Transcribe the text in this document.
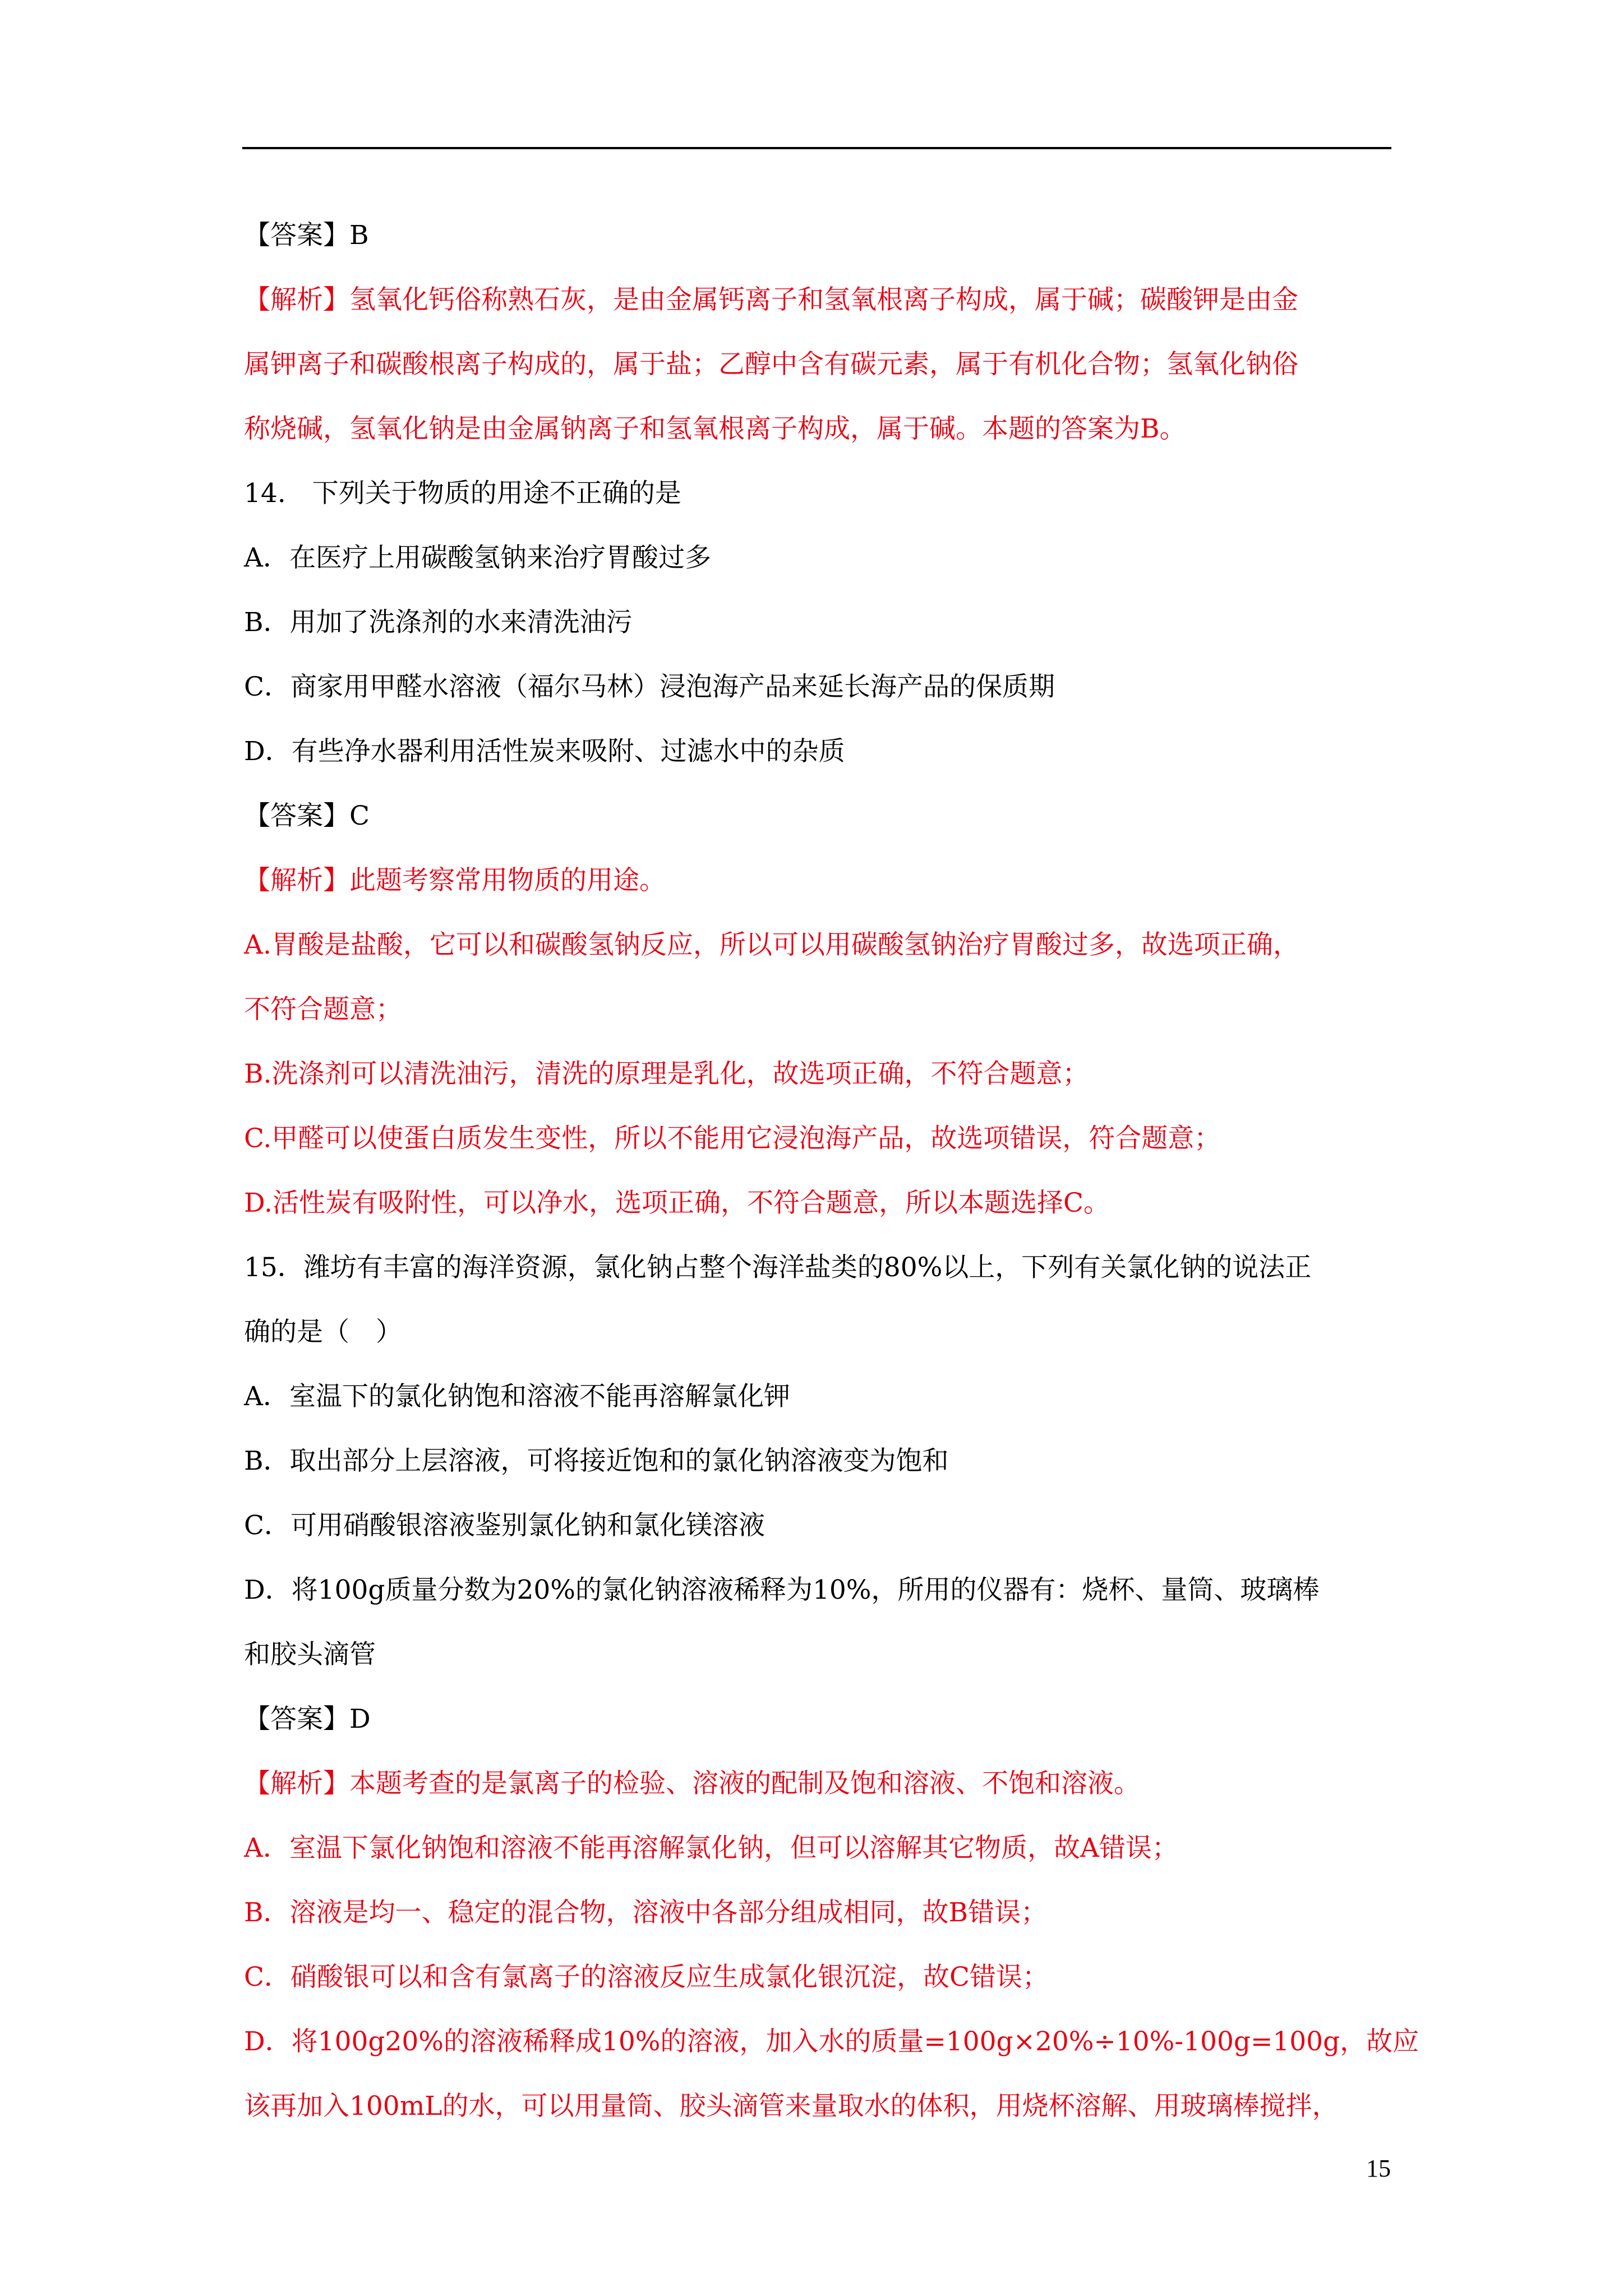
【答案】B
【解析】氢氧化钙俗称熟石灰，是由金属钙离子和氢氧根离子构成，属于碱；碳酸钾是由金
属钾离子和碳酸根离子构成的，属于盐；乙醇中含有碳元素，属于有机化合物；氢氧化钠俗
称烧碱，氢氧化钠是由金属钠离子和氢氧根离子构成，属于碱。本题的答案为B。
14.　下列关于物质的用途不正确的是
A．在医疗上用碳酸氢钠来治疗胃酸过多
B．用加了洗涤剂的水来清洗油污
C．商家用甲醛水溶液（福尔马林）浸泡海产品来延长海产品的保质期
D．有些净水器利用活性炭来吸附、过滤水中的杂质
【答案】C
【解析】此题考察常用物质的用途。
A.胃酸是盐酸，它可以和碳酸氢钠反应，所以可以用碳酸氢钠治疗胃酸过多，故选项正确，
不符合题意；
B.洗涤剂可以清洗油污，清洗的原理是乳化，故选项正确，不符合题意；
C.甲醛可以使蛋白质发生变性，所以不能用它浸泡海产品，故选项错误，符合题意；
D.活性炭有吸附性，可以净水，选项正确，不符合题意，所以本题选择C。
15．潍坊有丰富的海洋资源，氯化钠占整个海洋盐类的80%以上，下列有关氯化钠的说法正
确的是（　）
A．室温下的氯化钠饱和溶液不能再溶解氯化钾
B．取出部分上层溶液，可将接近饱和的氯化钠溶液变为饱和
C．可用硝酸银溶液鉴别氯化钠和氯化镁溶液
D．将100g质量分数为20%的氯化钠溶液稀释为10%，所用的仪器有：烧杯、量筒、玻璃棒
和胶头滴管
【答案】D
【解析】本题考查的是氯离子的检验、溶液的配制及饱和溶液、不饱和溶液。
A．室温下氯化钠饱和溶液不能再溶解氯化钠，但可以溶解其它物质，故A错误；
B．溶液是均一、稳定的混合物，溶液中各部分组成相同，故B错误；
C．硝酸银可以和含有氯离子的溶液反应生成氯化银沉淀，故C错误；
D．将100g20%的溶液稀释成10%的溶液，加入水的质量=100g×20%÷10%-100g=100g，故应
该再加入100mL的水，可以用量筒、胶头滴管来量取水的体积，用烧杯溶解、用玻璃棒搅拌，
15
